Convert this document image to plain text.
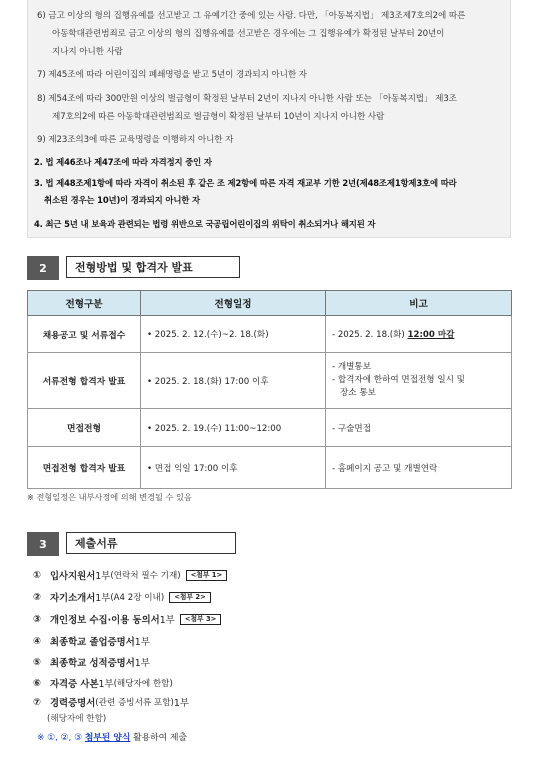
6) 금고 이상의 형의 집행유예를 선고받고 그 유예기간 중에 있는 사람. 다만, 「아동복지법」 제3조제7호의2에 따른
아동학대관련범죄로 금고 이상의 형의 집행유예를 선고받은 경우에는 그 집행유예가 확정된 날부터 20년이
지나지 아니한 사람
7) 제45조에 따라 어린이집의 폐쇄명령을 받고 5년이 경과되지 아니한 자
8) 제54조에 따라 300만원 이상의 벌금형이 확정된 날부터 2년이 지나지 아니한 사람 또는 「아동복지법」 제3조
제7호의2에 따른 아동학대관련범죄로 벌금형이 확정된 날부터 10년이 지나지 아니한 사람
9) 제23조의3에 따른 교육명령을 이행하지 아니한 자
2. 법 제46조나 제47조에 따라 자격정지 중인 자
3. 법 제48조제1항에 따라 자격이 취소된 후 같은 조 제2항에 따른 자격 재교부 기한 2년(제48조제1항제3호에 따라
취소된 경우는 10년)이 경과되지 아니한 자
4. 최근 5년 내 보육과 관련되는 법령 위반으로 국공립어린이집의 위탁이 취소되거나 해지된 자
2	전형방법 및 합격자 발표
전형구분	전형일정	비고
채용공고 및 서류접수	• 2025. 2. 12.(수)~2. 18.(화)	- 2025. 2. 18.(화) 12:00 마감
서류전형 합격자 발표	• 2025. 2. 18.(화) 17:00 이후	- 개별통보
- 합격자에 한하여 면접전형 일시 및
장소 통보

면접전형	• 2025. 2. 19.(수) 11:00~12:00	- 구술면접
면접전형 합격자 발표	• 면접 익일 17:00 이후	- 홈페이지 공고 및 개별연락
※ 전형일정은 내부사정에 의해 변경될 수 있음
3	제출서류
① 입사지원서 1부 (연락처 필수 기재)	<첨부 1>
② 자기소개서 1부 (A4 2장 이내)	<첨부 2>
③ 개인정보 수집·이용 동의서 1부	<첨부 3>
④ 최종학교 졸업증명서 1부
⑤ 최종학교 성적증명서 1부
⑥ 자격증 사본 1부 (해당자에 한함)
⑦ 경력증명서 (관련 증빙서류 포함) 1부
(해당자에 한함)
※ ①, ②, ③ 첨부된 양식 활용하여 제출
